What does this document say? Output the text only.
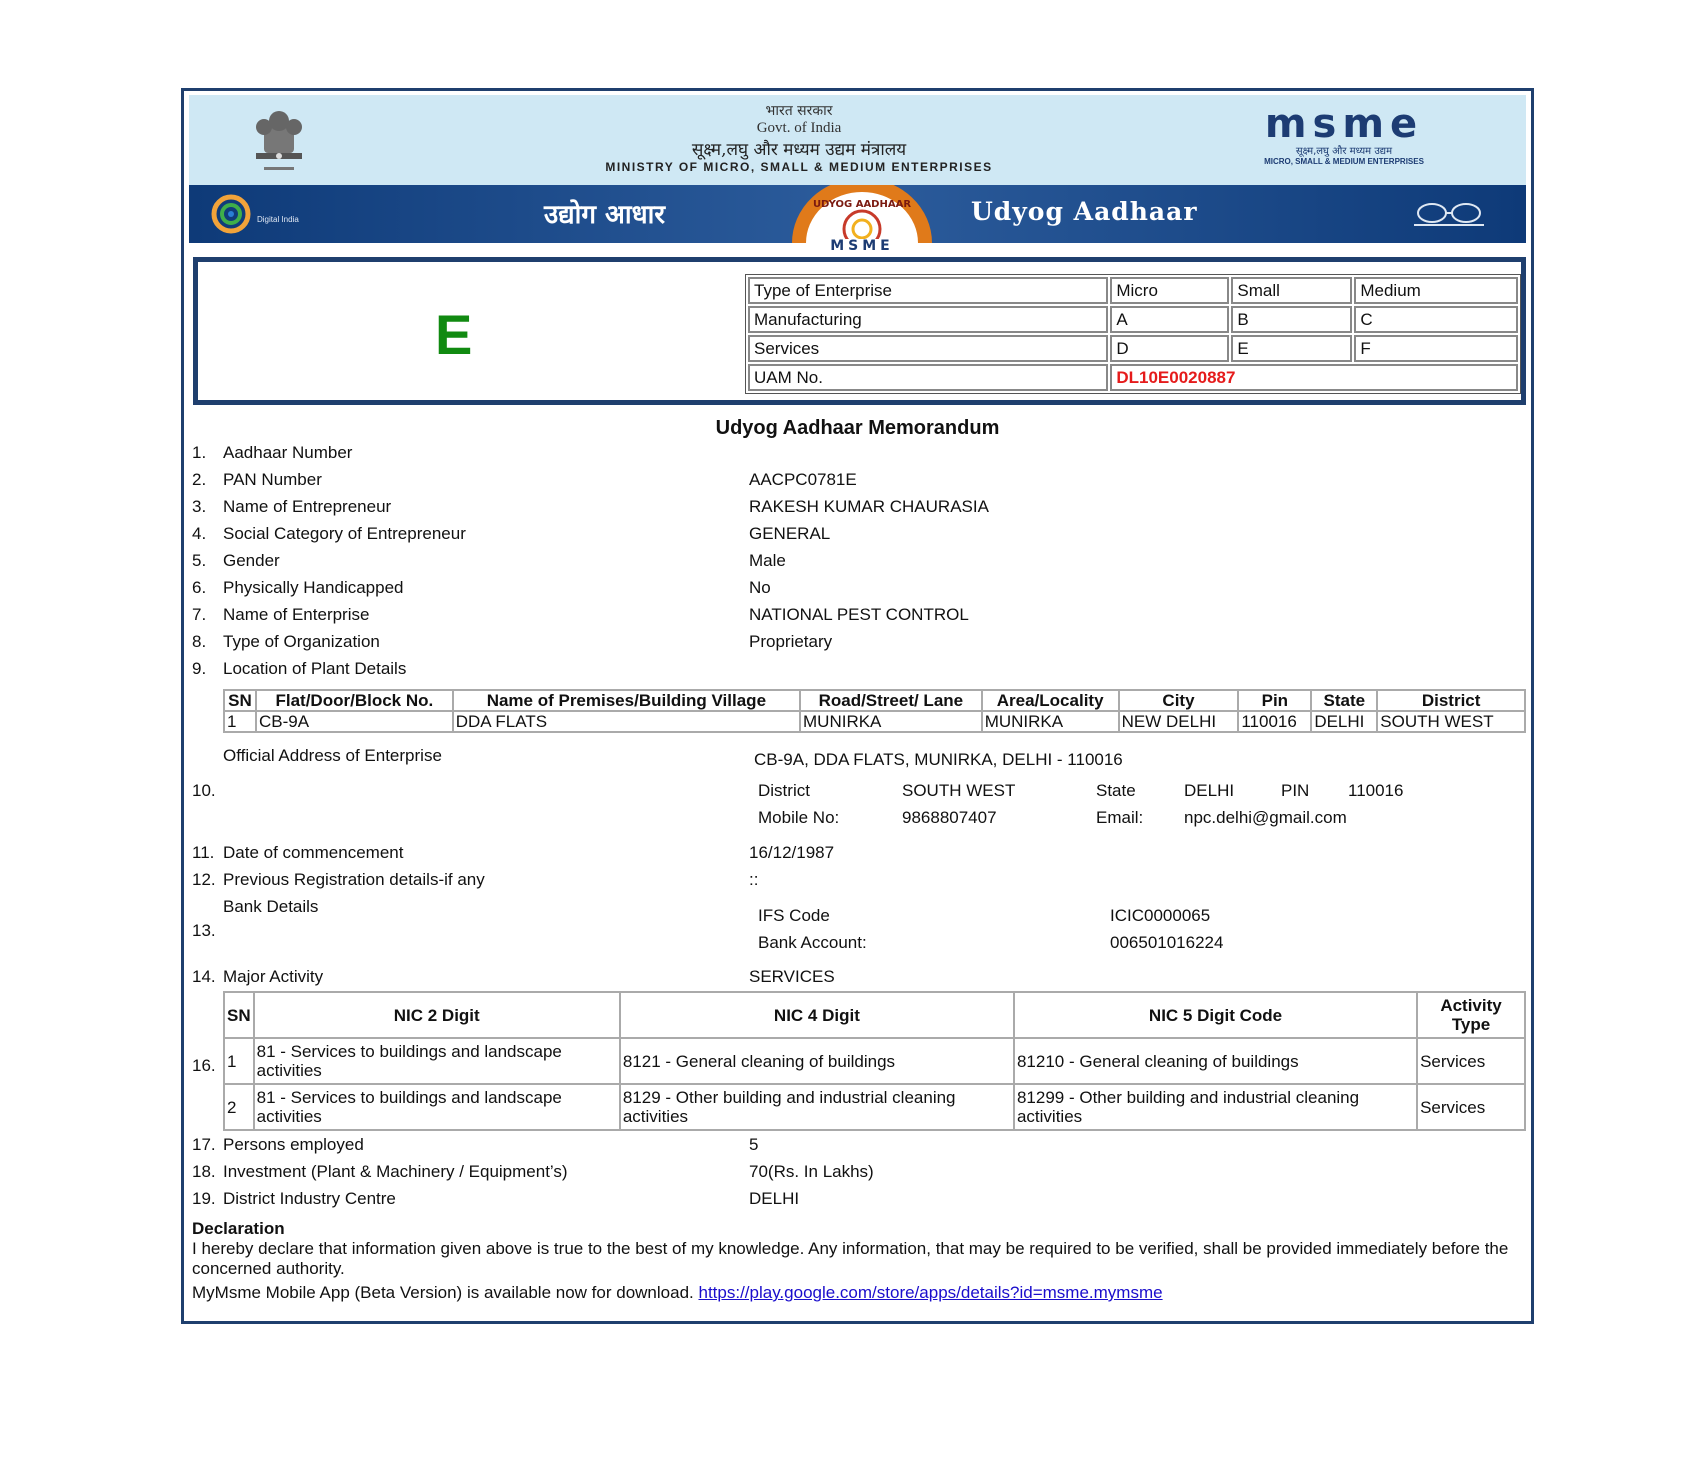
भारत सरकार
Govt. of India
सूक्ष्म,लघु और मध्यम उद्यम मंत्रालय
MINISTRY OF MICRO, SMALL & MEDIUM ENTERPRISES
msme
सूक्ष्म,लघु और मध्यम उद्यम
MICRO, SMALL & MEDIUM ENTERPRISES
Digital India	उद्योग आधार	UDYOG AADHAAR
MSME
Udyog Aadhaar
E
Type of Enterprise	Micro	Small	Medium
Manufacturing	A	B	C
Services	D	E	F
UAM No.	DL10E0020887		
Udyog Aadhaar Memorandum
1. Aadhaar Number
2. PAN Number	AACPC0781E
3. Name of Entrepreneur	RAKESH KUMAR CHAURASIA
4. Social Category of Entrepreneur	GENERAL
5. Gender	Male
6. Physically Handicapped	No
7. Name of Enterprise	NATIONAL PEST CONTROL
8. Type of Organization	Proprietary
9. Location of Plant Details
SN	Flat/Door/Block No.	Name of Premises/Building Village	Road/Street/ Lane	Area/Locality	City	Pin	State	District
1	CB-9A	DDA FLATS	MUNIRKA	MUNIRKA	NEW DELHI	110016	DELHI	SOUTH WEST
Official Address of Enterprise	CB-9A, DDA FLATS, MUNIRKA, DELHI - 110016
10.	District	SOUTH WEST	State	DELHI	PIN 110016
Mobile No:	9868807407	Email: npc.delhi@gmail.com
11. Date of commencement	16/12/1987
12. Previous Registration details-if any	::
Bank Details
13.
IFS Code	ICIC0000065
Bank Account:	006501016224
14. Major Activity	SERVICES
16.
SN	NIC 2 Digit	NIC 4 Digit	NIC 5 Digit Code	Activity Type
1	81 - Services to buildings and landscape activities	8121 - General cleaning of buildings	81210 - General cleaning of buildings	Services
2	81 - Services to buildings and landscape activities	8129 - Other building and industrial cleaning activities	81299 - Other building and industrial cleaning activities	Services
17. Persons employed	5
18. Investment (Plant & Machinery / Equipment’s)	70(Rs. In Lakhs)
19. District Industry Centre	DELHI
Declaration
I hereby declare that information given above is true to the best of my knowledge. Any information, that may be required to be verified, shall be provided immediately before the concerned authority.
MyMsme Mobile App (Beta Version) is available now for download. https://play.google.com/store/apps/details?id=msme.mymsme
